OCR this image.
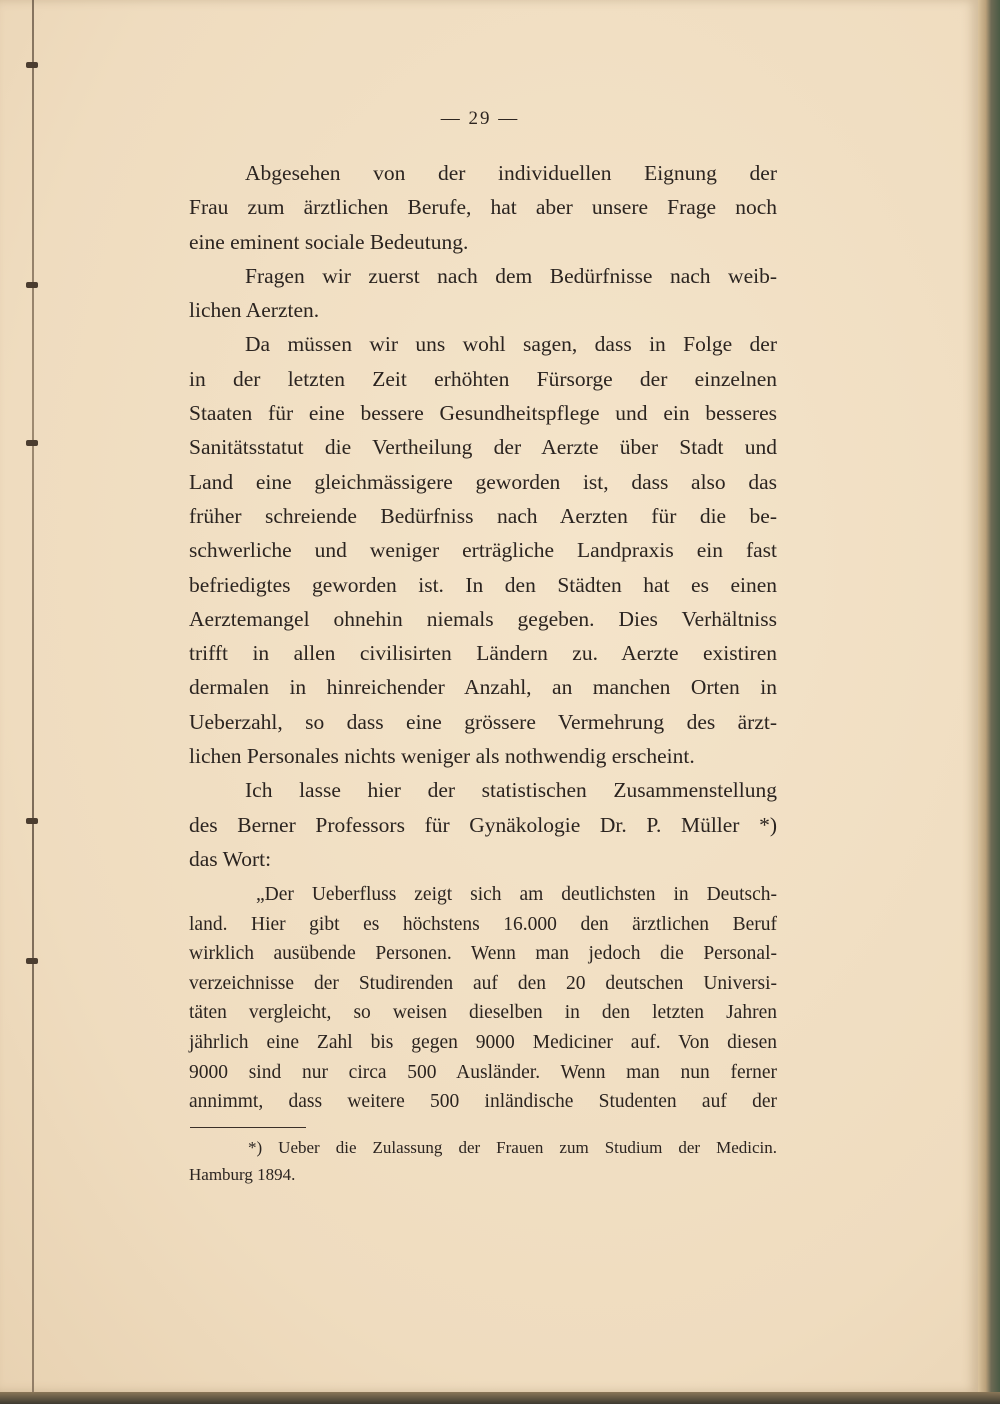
— 29 —
Abgesehen von der individuellen Eignung der
Frau zum ärztlichen Berufe, hat aber unsere Frage noch
eine eminent sociale Bedeutung.
Fragen wir zuerst nach dem Bedürfnisse nach weib-
lichen Aerzten.
Da müssen wir uns wohl sagen, dass in Folge der
in der letzten Zeit erhöhten Fürsorge der einzelnen
Staaten für eine bessere Gesundheitspflege und ein besseres
Sanitätsstatut die Vertheilung der Aerzte über Stadt und
Land eine gleichmässigere geworden ist, dass also das
früher schreiende Bedürfniss nach Aerzten für die be-
schwerliche und weniger erträgliche Landpraxis ein fast
befriedigtes geworden ist. In den Städten hat es einen
Aerztemangel ohnehin niemals gegeben. Dies Verhältniss
trifft in allen civilisirten Ländern zu. Aerzte existiren
dermalen in hinreichender Anzahl, an manchen Orten in
Ueberzahl, so dass eine grössere Vermehrung des ärzt-
lichen Personales nichts weniger als nothwendig erscheint.
Ich lasse hier der statistischen Zusammenstellung
des Berner Professors für Gynäkologie Dr. P. Müller *)
das Wort:
„Der Ueberfluss zeigt sich am deutlichsten in Deutsch-
land. Hier gibt es höchstens 16.000 den ärztlichen Beruf
wirklich ausübende Personen. Wenn man jedoch die Personal-
verzeichnisse der Studirenden auf den 20 deutschen Universi-
täten vergleicht, so weisen dieselben in den letzten Jahren
jährlich eine Zahl bis gegen 9000 Mediciner auf. Von diesen
9000 sind nur circa 500 Ausländer. Wenn man nun ferner
annimmt, dass weitere 500 inländische Studenten auf der
*) Ueber die Zulassung der Frauen zum Studium der Medicin.
Hamburg 1894.
